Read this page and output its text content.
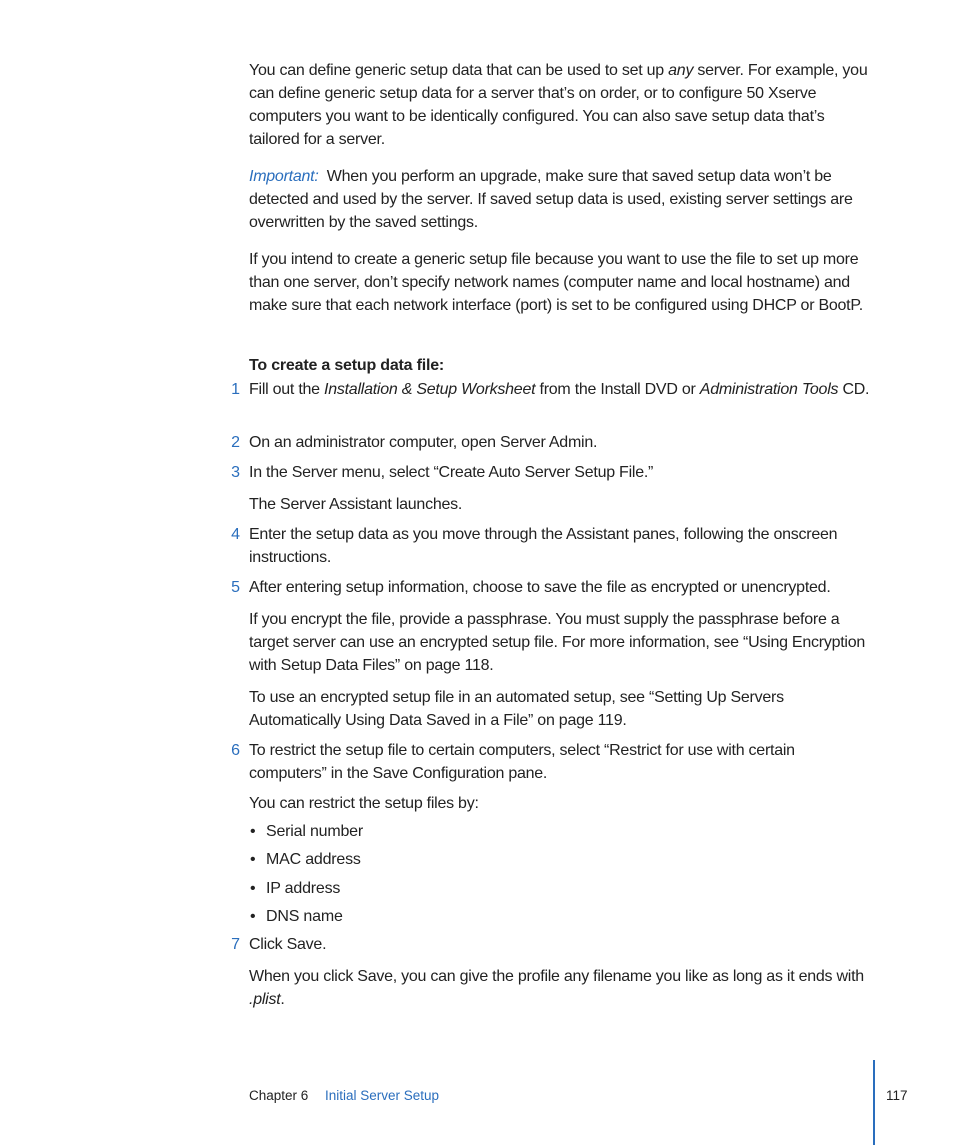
You can define generic setup data that can be used to set up any server. For example, you can define generic setup data for a server that’s on order, or to configure 50 Xserve computers you want to be identically configured. You can also save setup data that’s tailored for a server.

Important: When you perform an upgrade, make sure that saved setup data won’t be detected and used by the server. If saved setup data is used, existing server settings are overwritten by the saved settings.

If you intend to create a generic setup file because you want to use the file to set up more than one server, don’t specify network names (computer name and local hostname) and make sure that each network interface (port) is set to be configured using DHCP or BootP.

To create a setup data file:

1 Fill out the Installation & Setup Worksheet from the Install DVD or Administration Tools CD.

2 On an administrator computer, open Server Admin.

3 In the Server menu, select “Create Auto Server Setup File.”

The Server Assistant launches.

4 Enter the setup data as you move through the Assistant panes, following the onscreen instructions.

5 After entering setup information, choose to save the file as encrypted or unencrypted.

If you encrypt the file, provide a passphrase. You must supply the passphrase before a target server can use an encrypted setup file. For more information, see “Using Encryption with Setup Data Files” on page 118.

To use an encrypted setup file in an automated setup, see “Setting Up Servers Automatically Using Data Saved in a File” on page 119.

6 To restrict the setup file to certain computers, select “Restrict for use with certain computers” in the Save Configuration pane.

You can restrict the setup files by:

• Serial number
• MAC address
• IP address
• DNS name
7 Click Save.

When you click Save, you can give the profile any filename you like as long as it ends with .plist.

Chapter 6 Initial Server Setup	117
